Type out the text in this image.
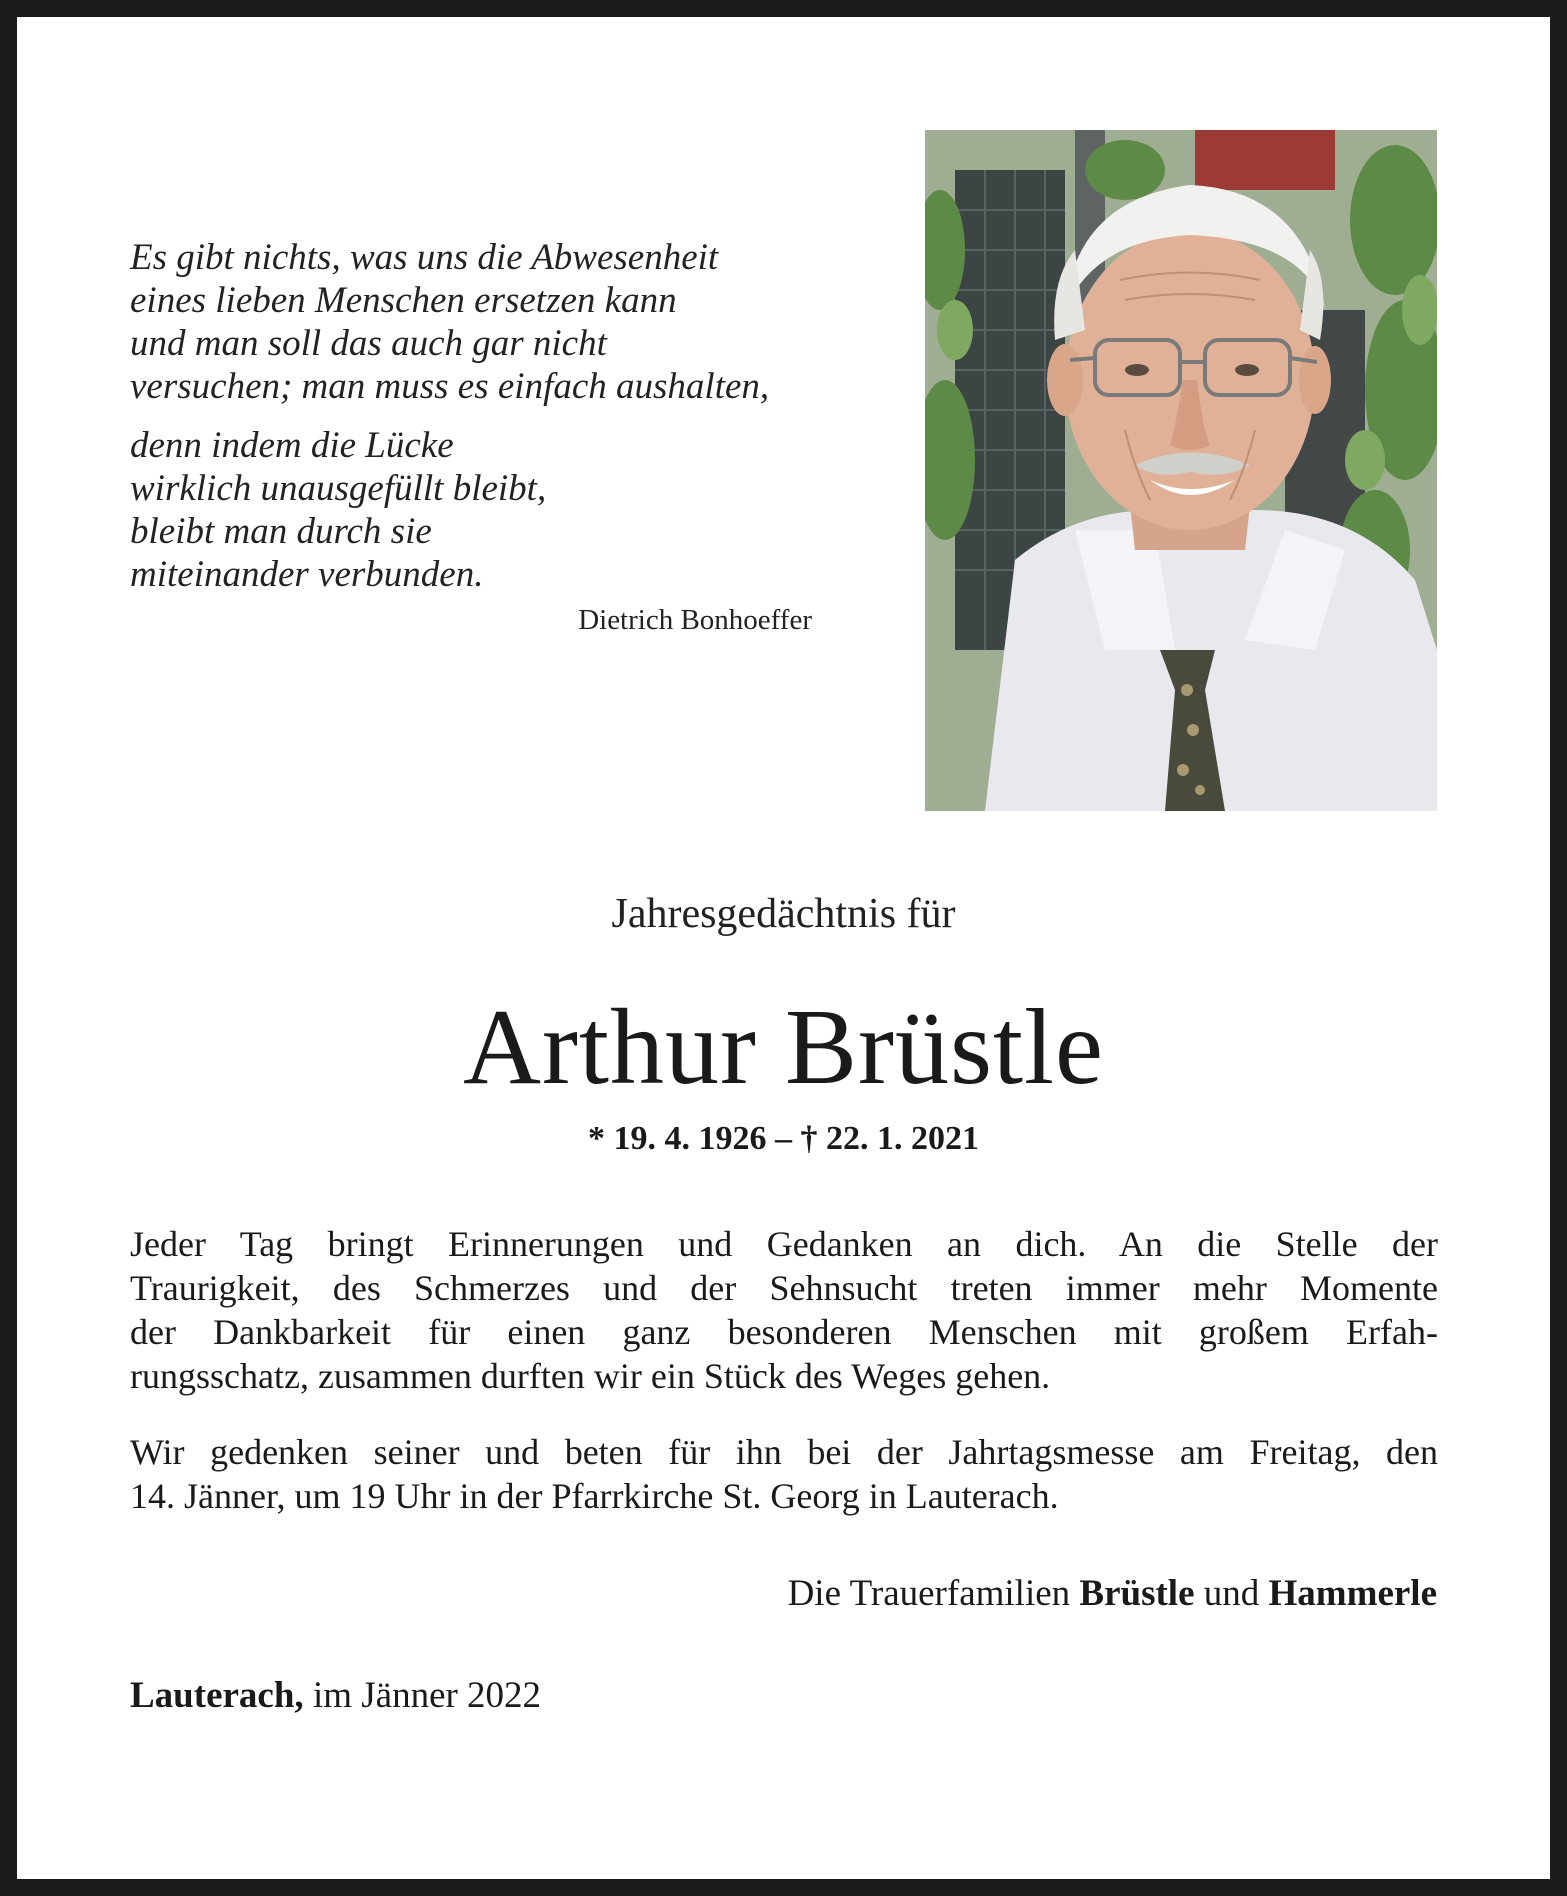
Es gibt nichts, was uns die Abwesenheit
eines lieben Menschen ersetzen kann
und man soll das auch gar nicht
versuchen; man muss es einfach aushalten,
denn indem die Lücke
wirklich unausgefüllt bleibt,
bleibt man durch sie
miteinander verbunden.
Dietrich Bonhoeffer
Jahresgedächtnis für
Arthur Brüstle
* 19. 4. 1926 – † 22. 1. 2021
Jeder Tag bringt Erinnerungen und Gedanken an dich. An die Stelle der
Traurigkeit, des Schmerzes und der Sehnsucht treten immer mehr Momente
der Dankbarkeit für einen ganz besonderen Menschen mit großem Erfah-
rungsschatz, zusammen durften wir ein Stück des Weges gehen.
Wir gedenken seiner und beten für ihn bei der Jahrtagsmesse am Freitag, den
14. Jänner, um 19 Uhr in der Pfarrkirche St. Georg in Lauterach.
Die Trauerfamilien Brüstle und Hammerle
Lauterach, im Jänner 2022
